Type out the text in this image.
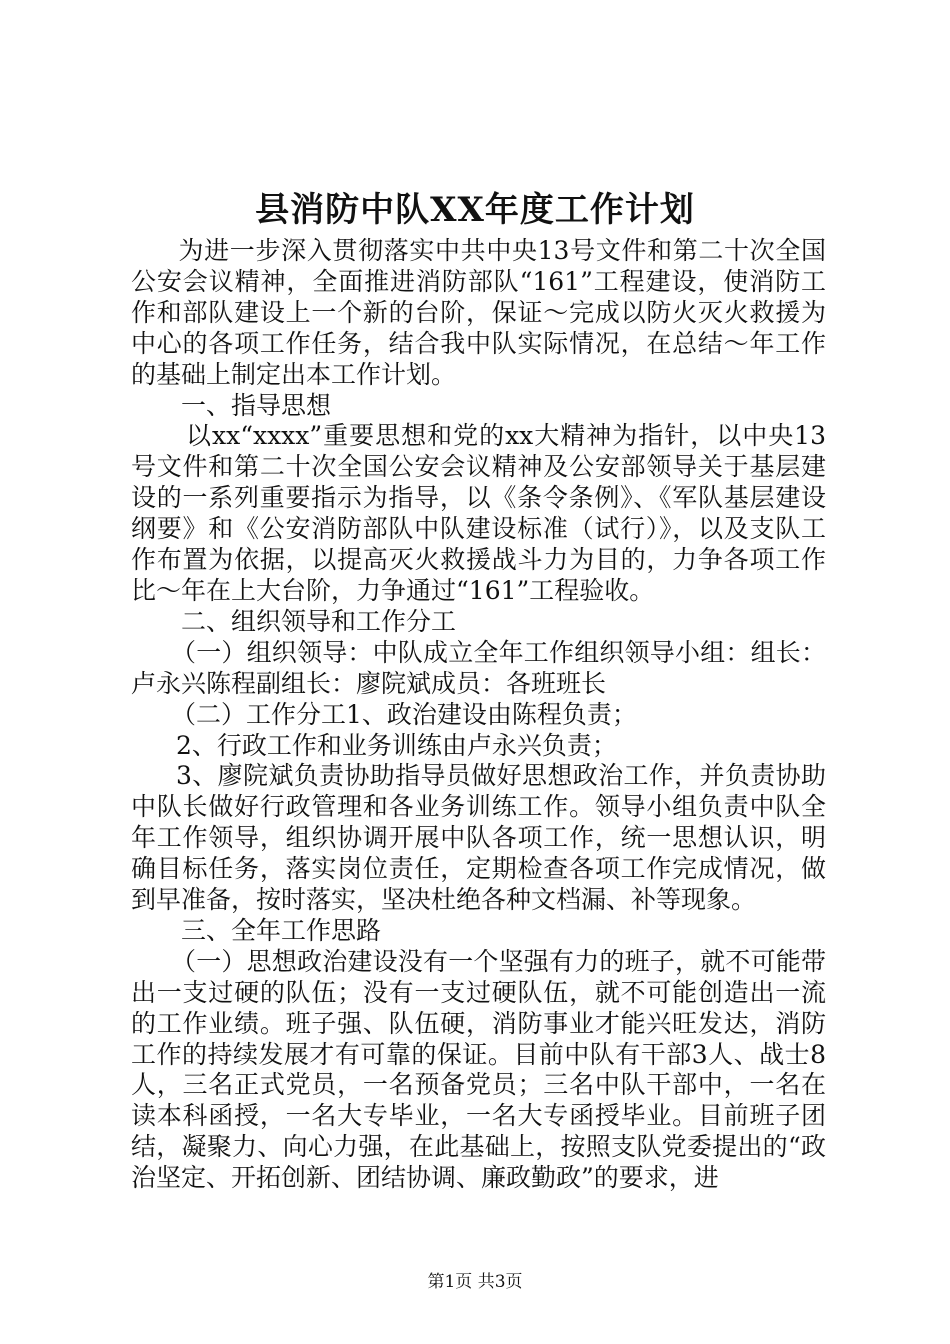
县消防中队XX年度工作计划

为进一步深入贯彻落实中共中央13号文件和第二十次全国公安会议精神，全面推进消防部队“161”工程建设，使消防工作和部队建设上一个新的台阶，保证～完成以防火灭火救援为中心的各项工作任务，结合我中队实际情况，在总结～年工作的基础上制定出本工作计划。

一、指导思想

以xx“xxxx”重要思想和党的xx大精神为指针，以中央13号文件和第二十次全国公安会议精神及公安部领导关于基层建设的一系列重要指示为指导，以《条令条例》、《军队基层建设纲要》和《公安消防部队中队建设标准（试行）》，以及支队工作布置为依据，以提高灭火救援战斗力为目的，力争各项工作比～年在上大台阶，力争通过“161”工程验收。

二、组织领导和工作分工

（一）组织领导：中队成立全年工作组织领导小组：组长：卢永兴陈程副组长：廖院斌成员：各班班长

（二）工作分工1、政治建设由陈程负责；

2、行政工作和业务训练由卢永兴负责；

3、廖院斌负责协助指导员做好思想政治工作，并负责协助中队长做好行政管理和各业务训练工作。领导小组负责中队全年工作领导，组织协调开展中队各项工作，统一思想认识，明确目标任务，落实岗位责任，定期检查各项工作完成情况，做到早准备，按时落实，坚决杜绝各种文档漏、补等现象。

三、全年工作思路

（一）思想政治建设没有一个坚强有力的班子，就不可能带出一支过硬的队伍；没有一支过硬队伍，就不可能创造出一流的工作业绩。班子强、队伍硬，消防事业才能兴旺发达，消防工作的持续发展才有可靠的保证。目前中队有干部3人、战士8人，三名正式党员，一名预备党员；三名中队干部中，一名在读本科函授，一名大专毕业，一名大专函授毕业。目前班子团结，凝聚力、向心力强，在此基础上，按照支队党委提出的“政治坚定、开拓创新、团结协调、廉政勤政”的要求，进

第1页 共3页
